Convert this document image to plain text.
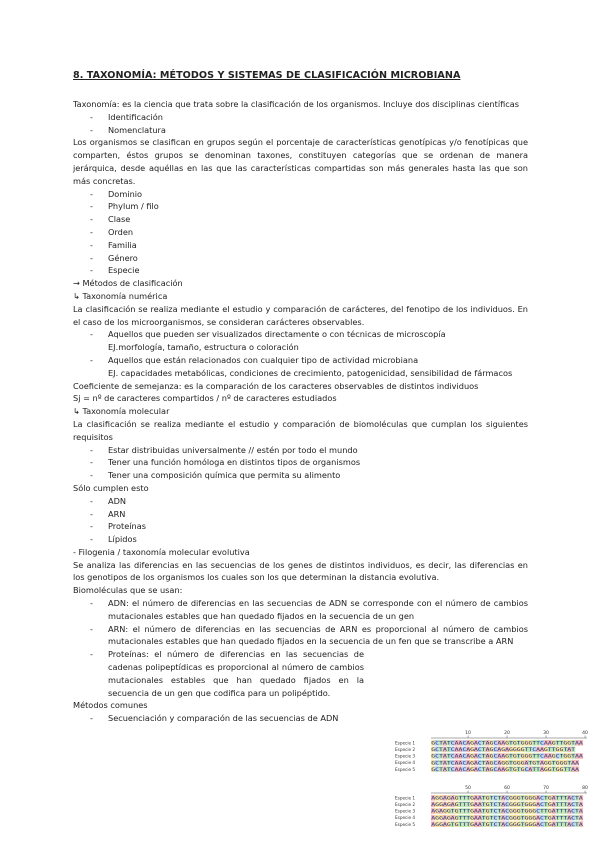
8. TAXONOMÍA: MÉTODOS Y SISTEMAS DE CLASIFICACIÓN MICROBIANA

Taxonomía: es la ciencia que trata sobre la clasificación de los organismos. Incluye dos disciplinas científicas

- Identificación
- Nomenclatura

Los organismos se clasifican en grupos según el porcentaje de características genotípicas y/o fenotípicas que comparten, éstos grupos se denominan taxones, constituyen categorías que se ordenan de manera jerárquica, desde aquéllas en las que las características compartidas son más generales hasta las que son más concretas.

- Dominio
- Phylum / filo
- Clase
- Orden
- Familia
- Género
- Especie
→ Métodos de clasificación
↳ Taxonomía numérica

La clasificación se realiza mediante el estudio y comparación de carácteres, del fenotipo de los individuos. En el caso de los microorganismos, se consideran carácteres observables.

- Aquellos que pueden ser visualizados directamente o con técnicas de microscopía
EJ.morfología, tamaño, estructura o coloración
- Aquellos que están relacionados con cualquier tipo de actividad microbiana
EJ. capacidades metabólicas, condiciones de crecimiento, patogenicidad, sensibilidad de fármacos
Coeficiente de semejanza: es la comparación de los caracteres observables de distintos individuos
Sj = nº de caracteres compartidos / nº de caracteres estudiados
↳ Taxonomía molecular

La clasificación se realiza mediante el estudio y comparación de biomoléculas que cumplan los siguientes requisitos

- Estar distribuidas universalmente // estén por todo el mundo
- Tener una función homóloga en distintos tipos de organismos
- Tener una composición química que permita su alimento
Sólo cumplen esto
- ADN
- ARN
- Proteínas
- Lípidos
- Filogenia / taxonomía molecular evolutiva

Se analiza las diferencias en las secuencias de los genes de distintos individuos, es decir, las diferencias en los genotipos de los organismos los cuales son los que determinan la distancia evolutiva.

Biomoléculas que se usan:
- ADN: el número de diferencias en las secuencias de ADN se corresponde con el número de cambios mutacionales estables que han quedado fijados en la secuencia de un gen
- ARN: el número de diferencias en las secuencias de ARN es proporcional al número de cambios mutacionales estables que han quedado fijados en la secuencia de un fen que se transcribe a ARN
- Proteínas: el número de diferencias en las secuencias de cadenas polipeptídicas es proporcional al número de cambios mutacionales estables que han quedado fijados en la secuencia de un gen que codifica para un polipéptido.
Métodos comunes
- Secuenciación y comparación de las secuencias de ADN
10	20	30	40
Especie 1	GCTATCAACAGACTAGCAAGTGTGGGTTCAAGTTGGTAA
Especie 2	GCTATCAACAGACTAGCAGAGGGGTTCAAGTTGGTAT
Especie 3	GCTATCAACAGACTAGCAAGTGTGGGTTCAAGCTGGTAA
Especie 4	GCTATCAACAGACTAGCAGGTGGGATGTAGGTGGGTAA
Especie 5	GCTATCAACAGACTAGCAAGTGTGCATTAGGTGGTTAA
50	60	70	80
Especie 1	AGGAGAGTTTGAATGTCTACGGGTGGGACTGATTTACTA
Especie 2	AGGAGAGTTTGAATGTCTACGGGTGGGACTGATTTACTA
Especie 3	AGAGGTGTTTGAATGTCTACGGGTGGGCTTGATTTACTA
Especie 4	AGGAGAGTTTGAATGTCTACGGGTGGGACTGATTTACTA
Especie 5	AGGAGTGTTTGAATGTCTACGGGTGGGACTGATTTACTA
